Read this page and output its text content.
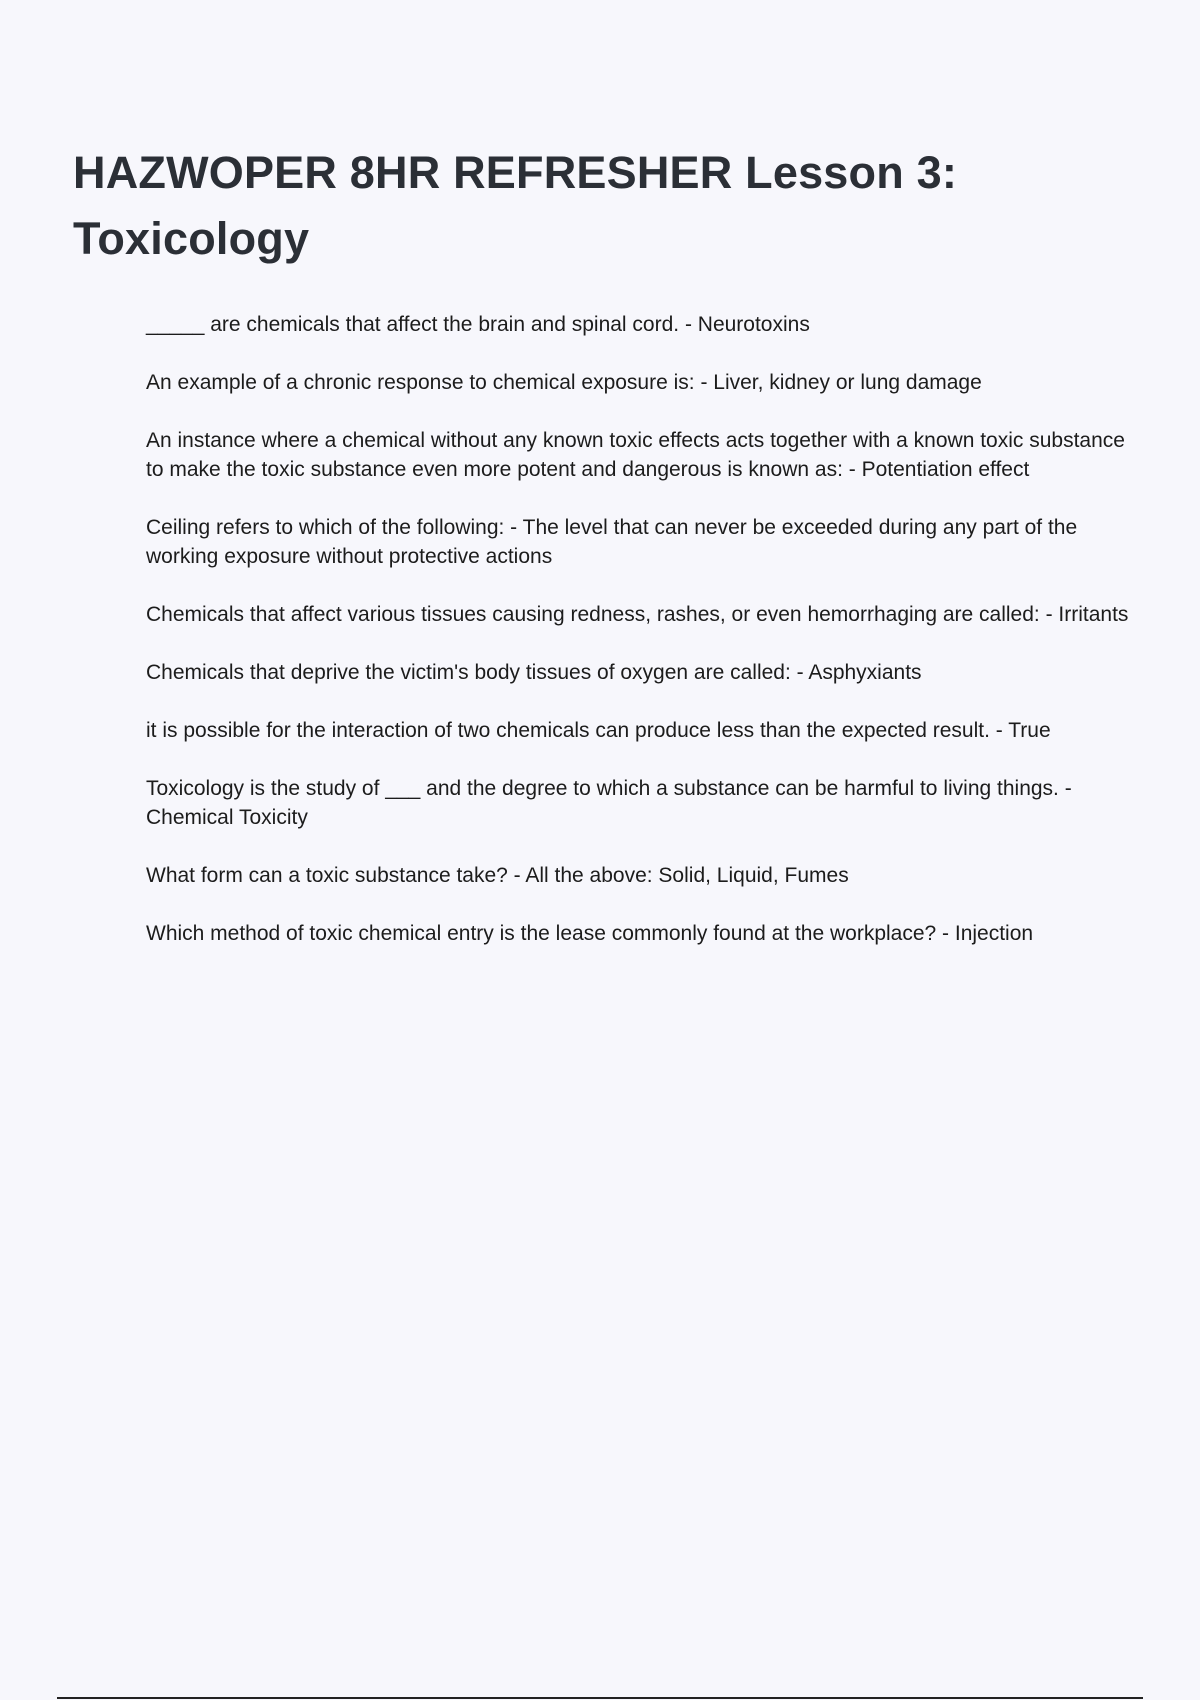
HAZWOPER 8HR REFRESHER Lesson 3: Toxicology
_____ are chemicals that affect the brain and spinal cord. - Neurotoxins
An example of a chronic response to chemical exposure is: - Liver, kidney or lung damage
An instance where a chemical without any known toxic effects acts together with a known toxic substance to make the toxic substance even more potent and dangerous is known as: - Potentiation effect
Ceiling refers to which of the following: - The level that can never be exceeded during any part of the working exposure without protective actions
Chemicals that affect various tissues causing redness, rashes, or even hemorrhaging are called: - Irritants
Chemicals that deprive the victim's body tissues of oxygen are called: - Asphyxiants
it is possible for the interaction of two chemicals can produce less than the expected result. - True
Toxicology is the study of ___ and the degree to which a substance can be harmful to living things. - Chemical Toxicity
What form can a toxic substance take? - All the above: Solid, Liquid, Fumes
Which method of toxic chemical entry is the lease commonly found at the workplace? - Injection
